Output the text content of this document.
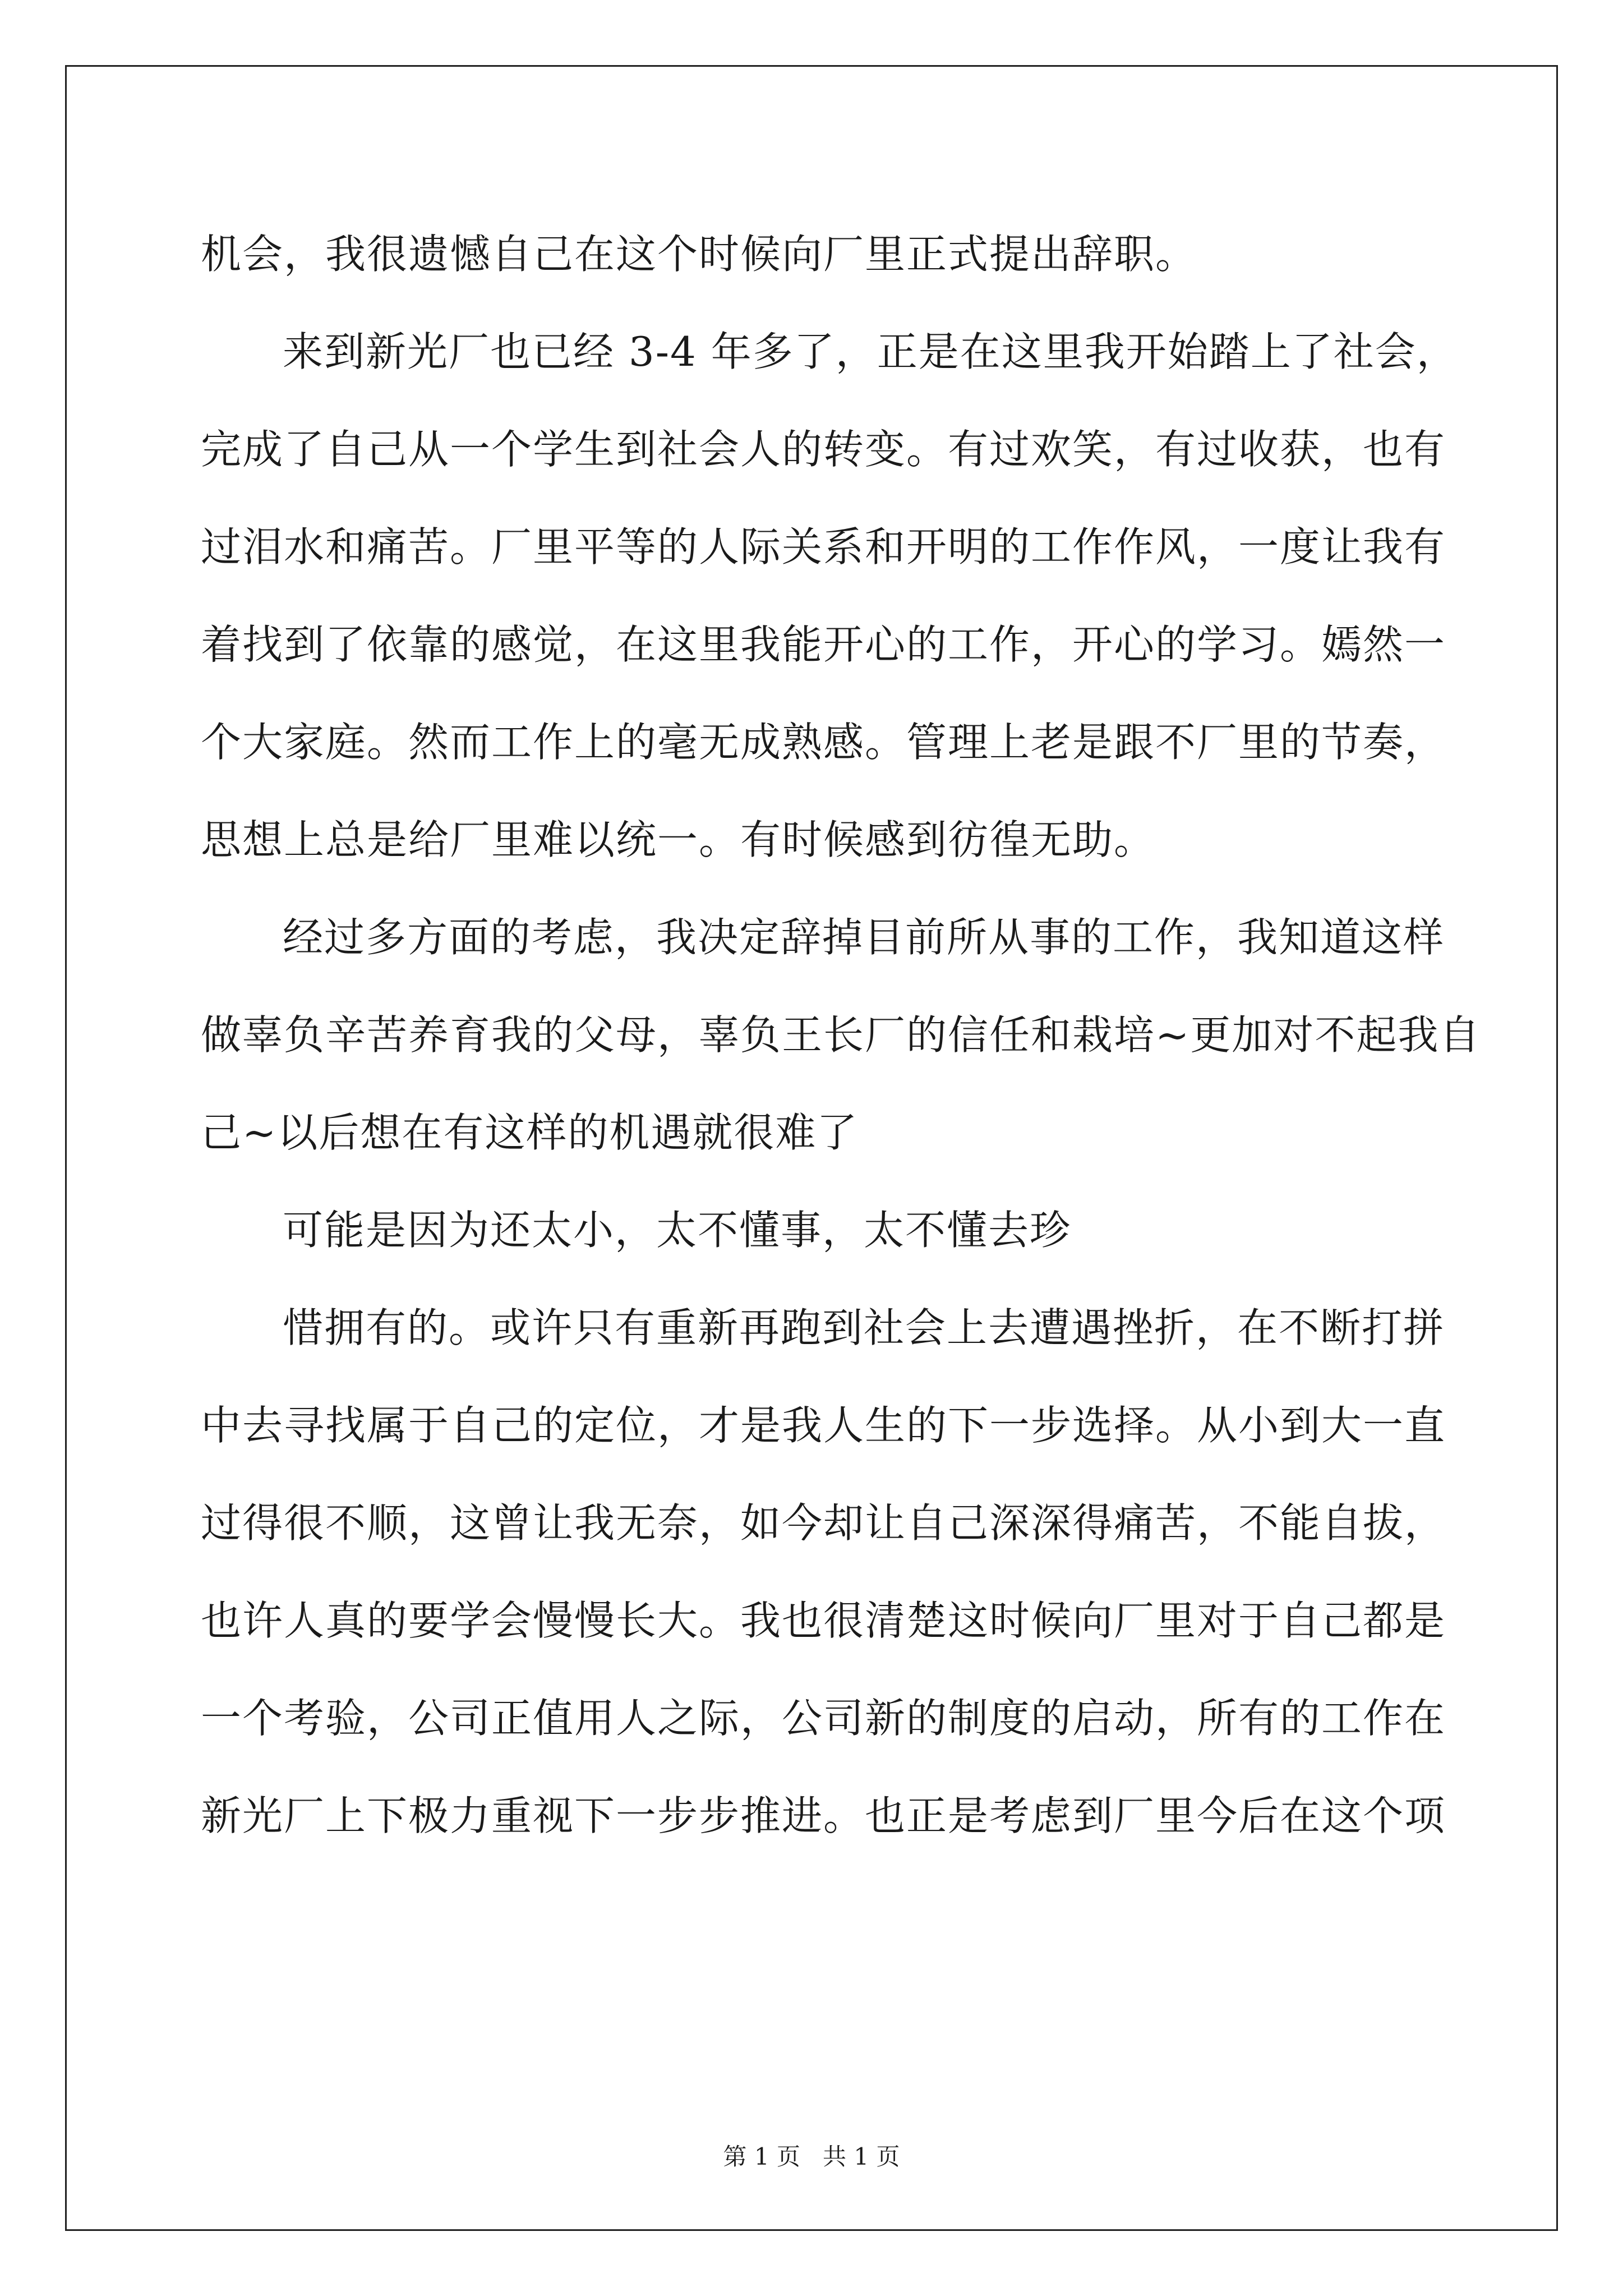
机会，我很遗憾自己在这个时候向厂里正式提出辞职。
来到新光厂也已经 3-4 年多了，正是在这里我开始踏上了社会，
完成了自己从一个学生到社会人的转变。有过欢笑，有过收获，也有
过泪水和痛苦。厂里平等的人际关系和开明的工作作风，一度让我有
着找到了依靠的感觉，在这里我能开心的工作，开心的学习。嫣然一
个大家庭。然而工作上的毫无成熟感。管理上老是跟不厂里的节奏，
思想上总是给厂里难以统一。有时候感到彷徨无助。
经过多方面的考虑，我决定辞掉目前所从事的工作，我知道这样
做辜负辛苦养育我的父母，辜负王长厂的信任和栽培~更加对不起我自
己~以后想在有这样的机遇就很难了
可能是因为还太小，太不懂事，太不懂去珍
惜拥有的。或许只有重新再跑到社会上去遭遇挫折，在不断打拼
中去寻找属于自己的定位，才是我人生的下一步选择。从小到大一直
过得很不顺，这曾让我无奈，如今却让自己深深得痛苦，不能自拔，
也许人真的要学会慢慢长大。我也很清楚这时候向厂里对于自己都是
一个考验，公司正值用人之际，公司新的制度的启动，所有的工作在
新光厂上下极力重视下一步步推进。也正是考虑到厂里今后在这个项
第 1 页   共 1 页
